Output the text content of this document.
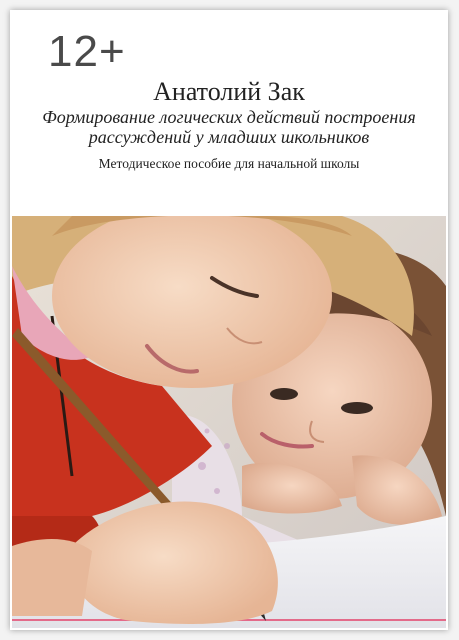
12+
Анатолий Зак
Формирование логических действий построения рассуждений у младших школьников
Методическое пособие для начальной школы
